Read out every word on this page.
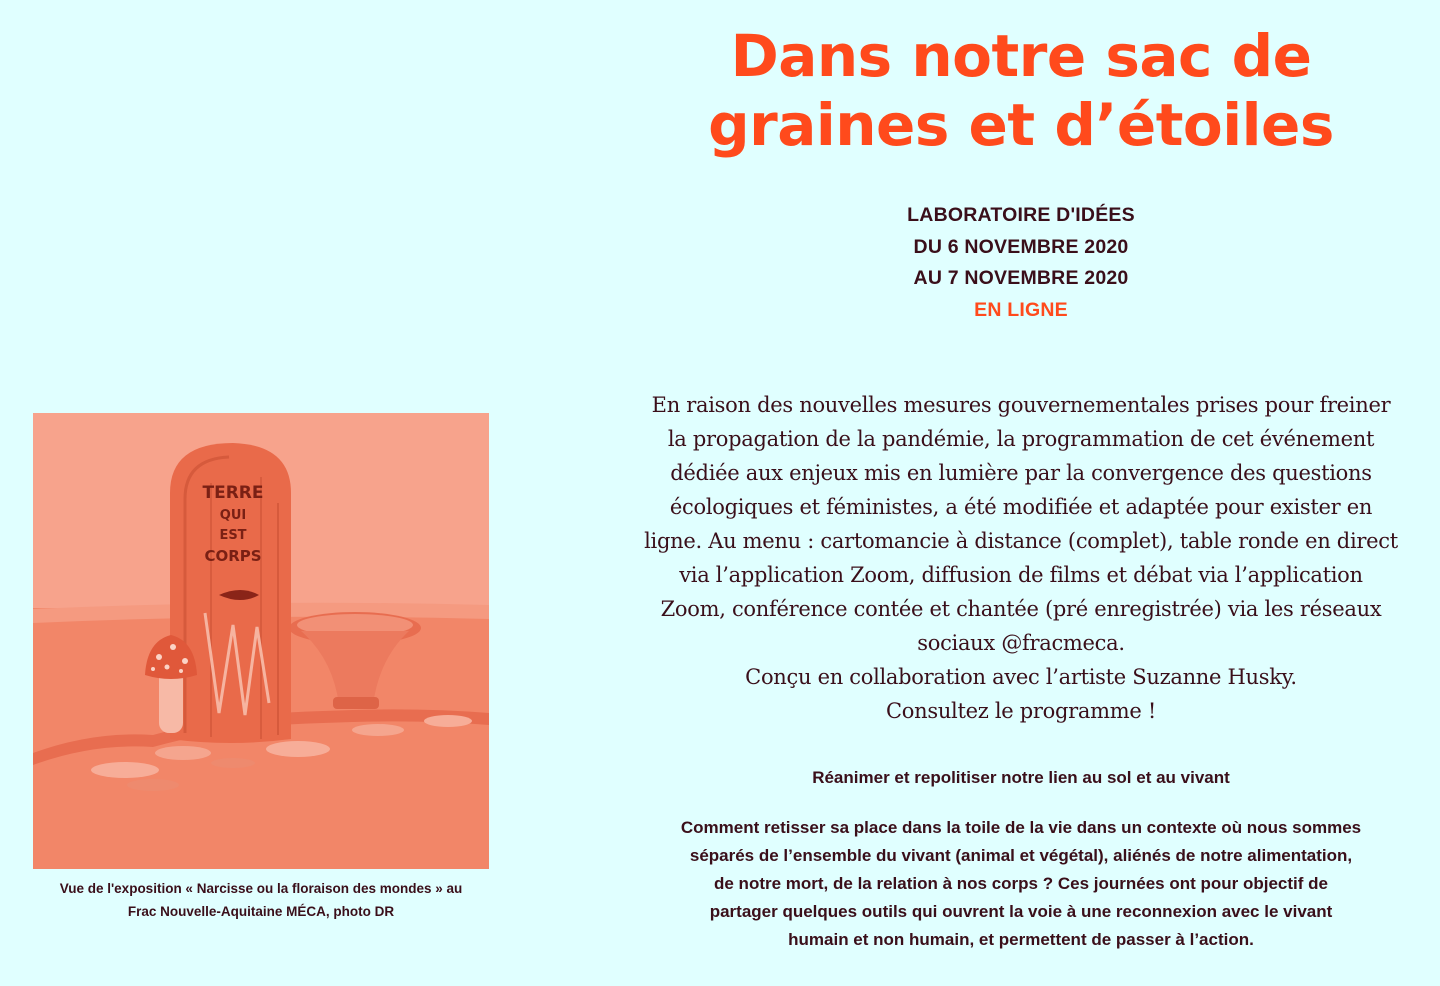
TERRE
QUI
EST
CORPS
Vue de l'exposition « Narcisse ou la floraison des mondes » au
Frac Nouvelle-Aquitaine MÉCA, photo DR
Dans notre sac de
graines et d’étoiles
LABORATOIRE D'IDÉES
DU 6 NOVEMBRE 2020
AU 7 NOVEMBRE 2020
EN LIGNE
En raison des nouvelles mesures gouvernementales prises pour freiner
la propagation de la pandémie, la programmation de cet événement
dédiée aux enjeux mis en lumière par la convergence des questions
écologiques et féministes, a été modifiée et adaptée pour exister en
ligne. Au menu : cartomancie à distance (complet), table ronde en direct
via l’application Zoom, diffusion de films et débat via l’application
Zoom, conférence contée et chantée (pré enregistrée) via les réseaux
sociaux @fracmeca.
Conçu en collaboration avec l’artiste Suzanne Husky.
Consultez le programme !
Réanimer et repolitiser notre lien au sol et au vivant
Comment retisser sa place dans la toile de la vie dans un contexte où nous sommes
séparés de l’ensemble du vivant (animal et végétal), aliénés de notre alimentation,
de notre mort, de la relation à nos corps ? Ces journées ont pour objectif de
partager quelques outils qui ouvrent la voie à une reconnexion avec le vivant
humain et non humain, et permettent de passer à l’action.
